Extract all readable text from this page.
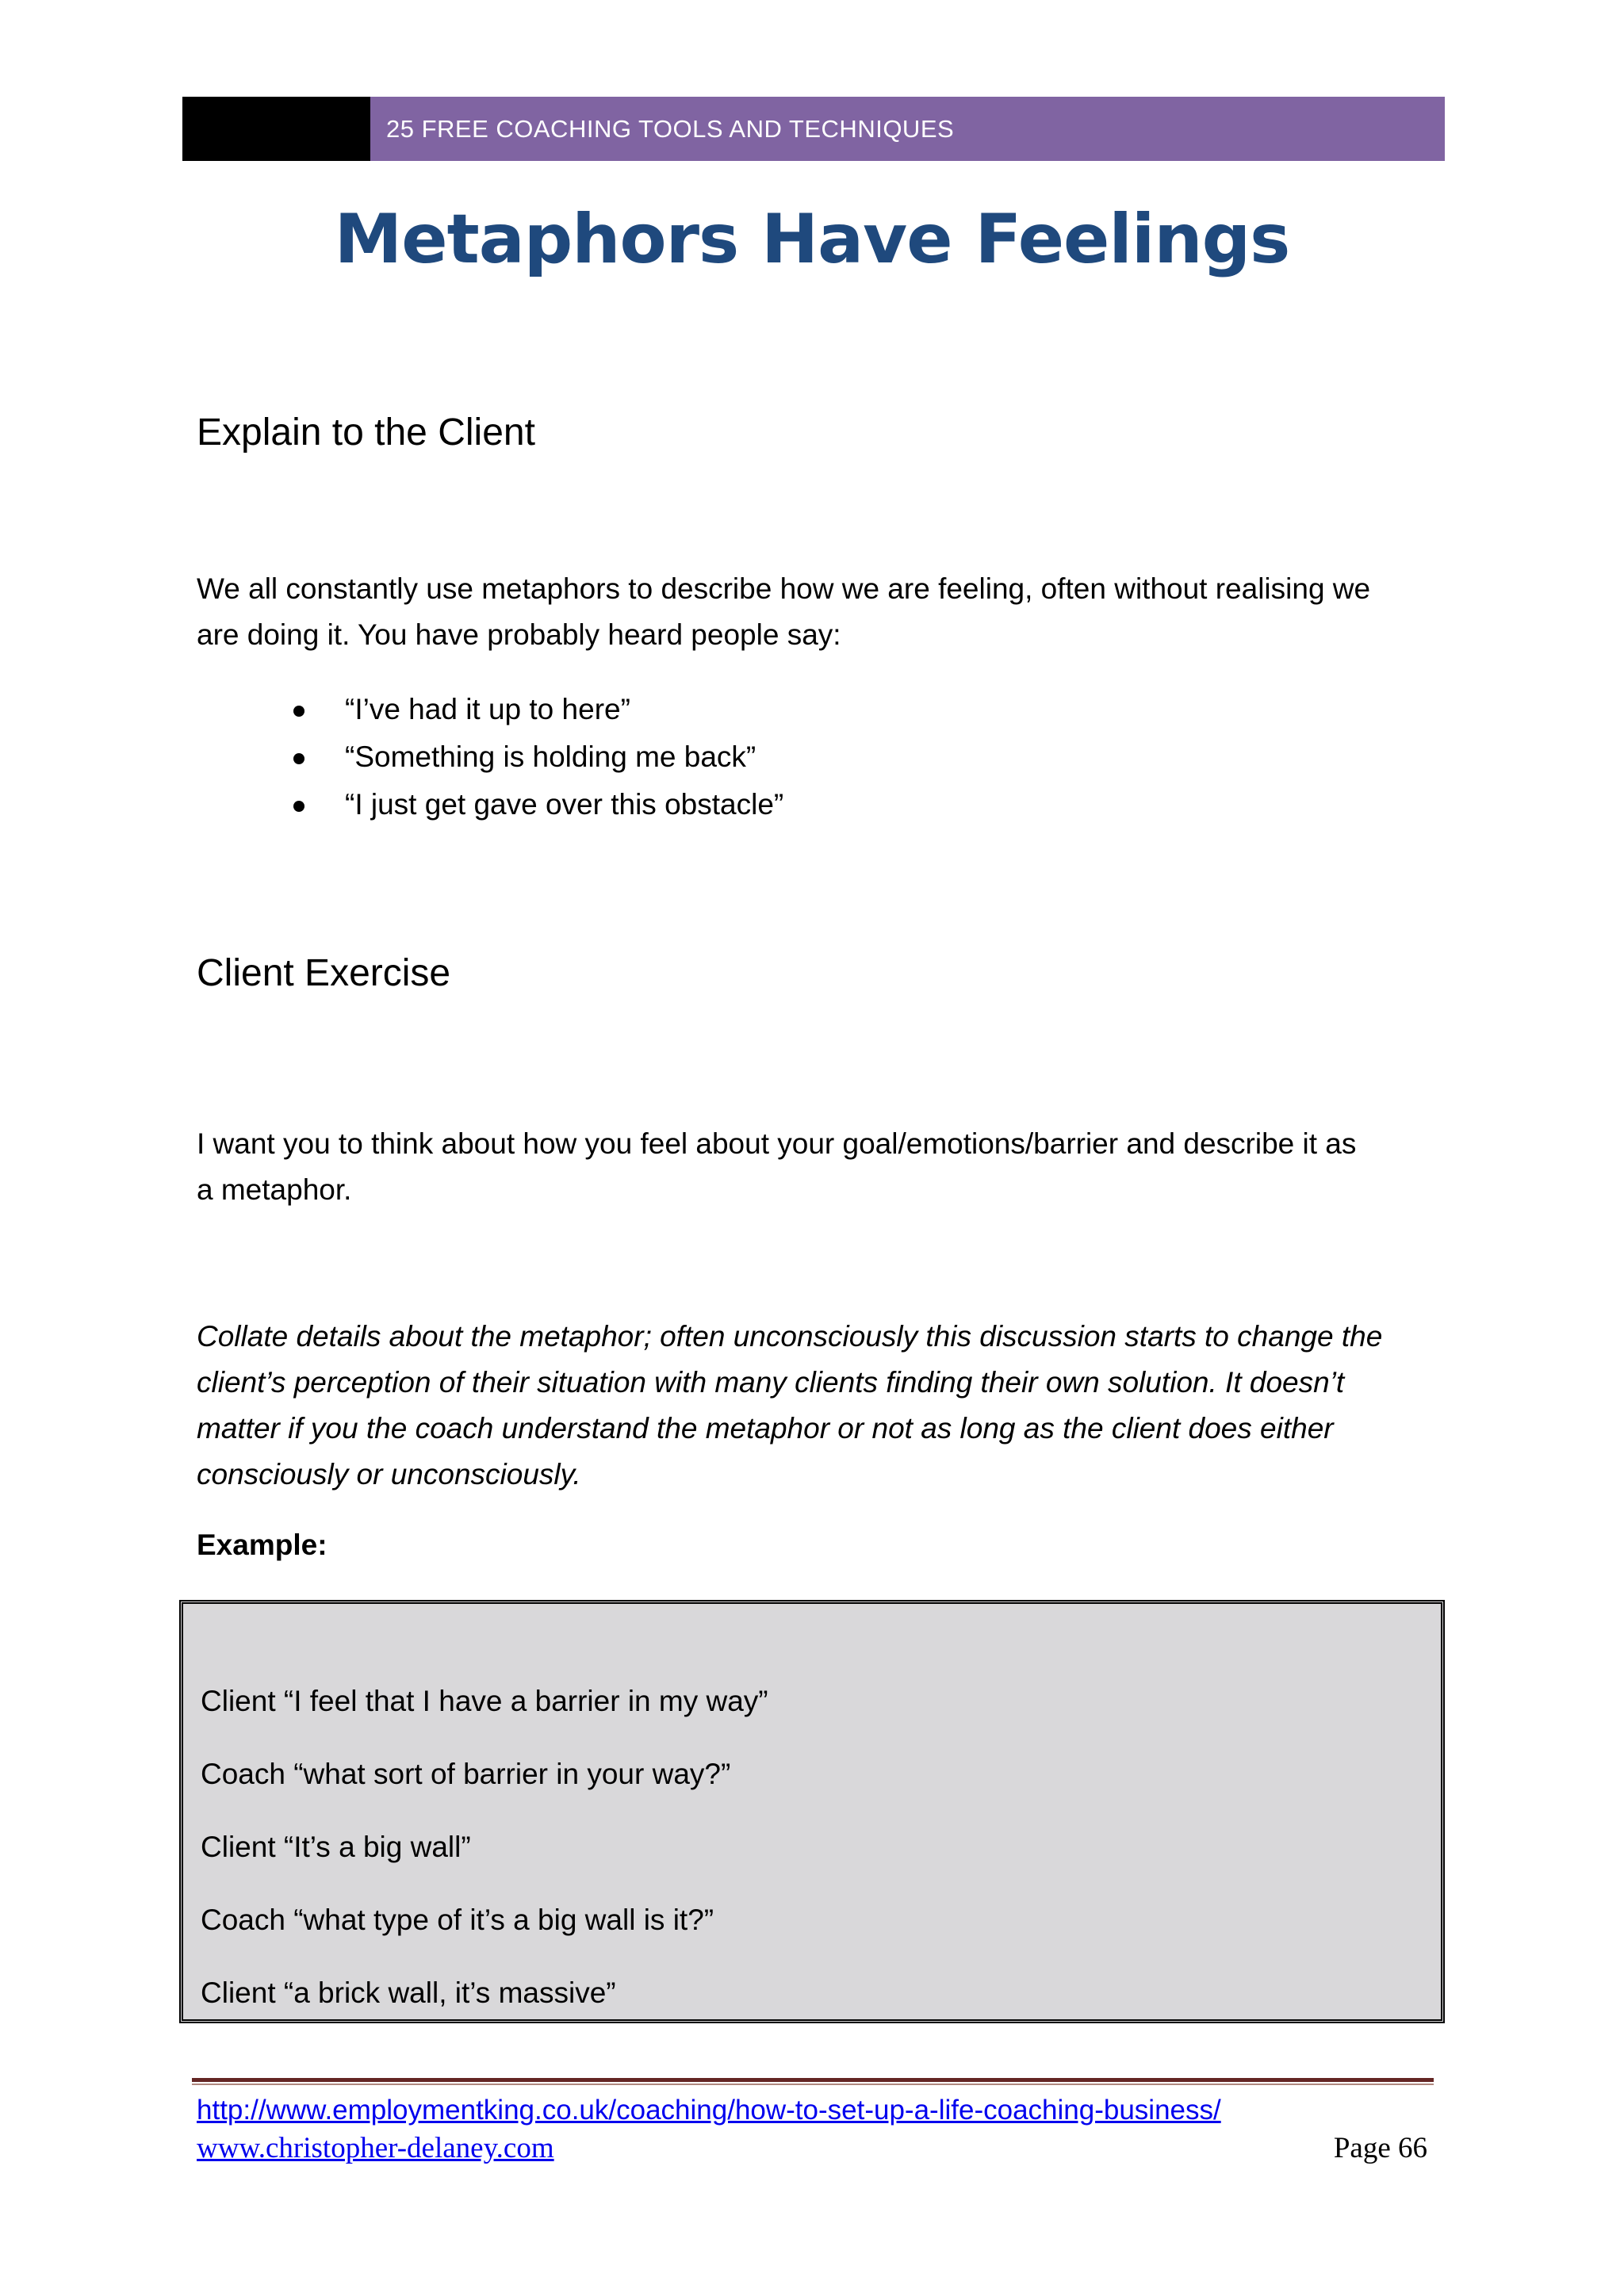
25 FREE COACHING TOOLS AND TECHNIQUES
Metaphors Have Feelings
Explain to the Client
We all constantly use metaphors to describe how we are feeling, often without realising we
are doing it. You have probably heard people say:
“I’ve had it up to here”
“Something is holding me back”
“I just get gave over this obstacle”
Client Exercise
I want you to think about how you feel about your goal/emotions/barrier and describe it as
a metaphor.
Collate details about the metaphor; often unconsciously this discussion starts to change the
client’s perception of their situation with many clients finding their own solution. It doesn’t
matter if you the coach understand the metaphor or not as long as the client does either
consciously or unconsciously.
Example:
Client “I feel that I have a barrier in my way”
Coach “what sort of barrier in your way?”
Client “It’s a big wall”
Coach “what type of it’s a big wall is it?”
Client “a brick wall, it’s massive”
http://www.employmentking.co.uk/coaching/how-to-set-up-a-life-coaching-business/
www.christopher-delaney.com	Page 66
